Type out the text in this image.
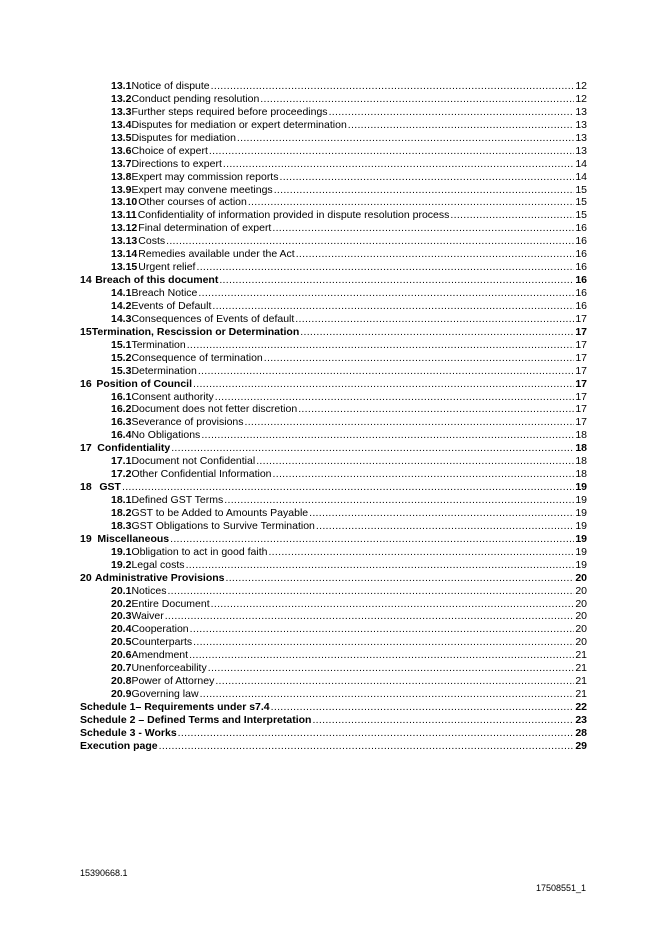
13.1 Notice of dispute .....	12
13.2 Conduct pending resolution .....	12
13.3 Further steps required before proceedings .....	13
13.4 Disputes for mediation or expert determination .....	13
13.5 Disputes for mediation .....	13
13.6 Choice of expert .....	13
13.7 Directions to expert .....	14
13.8 Expert may commission reports .....	14
13.9 Expert may convene meetings .....	15
13.10 Other courses of action .....	15
13.11 Confidentiality of information provided in dispute resolution process .....	15
13.12 Final determination of expert .....	16
13.13 Costs .....	16
13.14 Remedies available under the Act .....	16
13.15 Urgent relief .....	16
14 Breach of this document .....	16
14.1 Breach Notice .....	16
14.2 Events of Default .....	16
14.3 Consequences of Events of default .....	17
15 Termination, Rescission or Determination .....	17
15.1 Termination .....	17
15.2 Consequence of termination .....	17
15.3 Determination .....	17
16 Position of Council .....	17
16.1 Consent authority .....	17
16.2 Document does not fetter discretion .....	17
16.3 Severance of provisions .....	17
16.4 No Obligations .....	18
17 Confidentiality .....	18
17.1 Document not Confidential .....	18
17.2 Other Confidential Information .....	18
18 GST .....	19
18.1 Defined GST Terms .....	19
18.2 GST to be Added to Amounts Payable .....	19
18.3 GST Obligations to Survive Termination .....	19
19 Miscellaneous .....	19
19.1 Obligation to act in good faith .....	19
19.2 Legal costs .....	19
20 Administrative Provisions .....	20
20.1 Notices .....	20
20.2 Entire Document .....	20
20.3 Waiver .....	20
20.4 Cooperation .....	20
20.5 Counterparts .....	20
20.6 Amendment .....	21
20.7 Unenforceability .....	21
20.8 Power of Attorney .....	21
20.9 Governing law .....	21
Schedule 1– Requirements under s7.4 .....	22
Schedule 2 – Defined Terms and Interpretation .....	23
Schedule 3 - Works .....	28
Execution page .....	29
15390668.1
17508551_1
